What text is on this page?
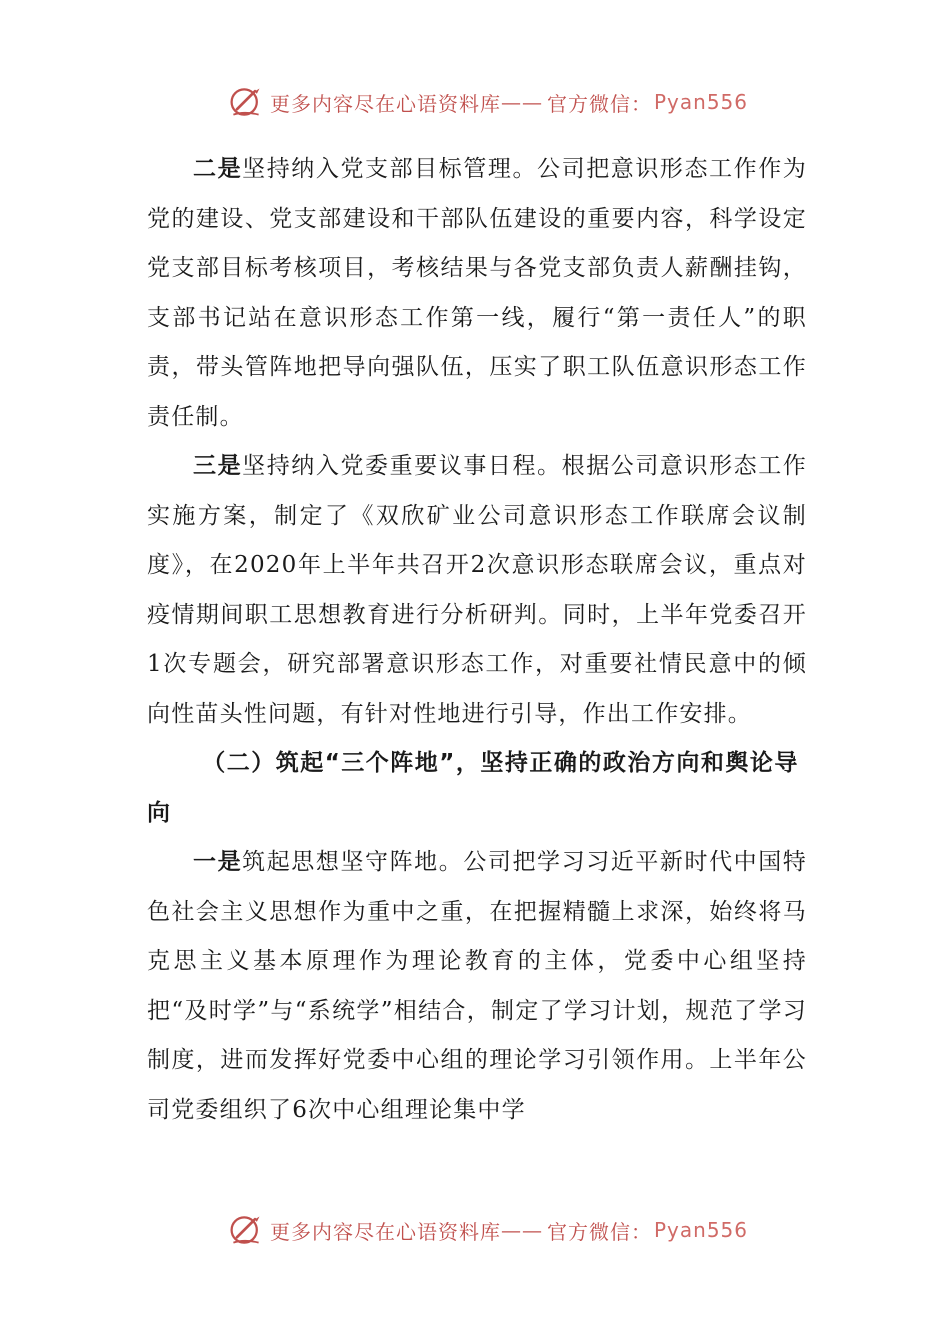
更多内容尽在心语资料库 —— 官方微信： Pyan556

二是坚持纳入党支部目标管理。公司把意识形态工作作为党的建设、党支部建设和干部队伍建设的重要内容，科学设定党支部目标考核项目，考核结果与各党支部负责人薪酬挂钩，支部书记站在意识形态工作第一线，履行“第一责任人”的职责，带头管阵地把导向强队伍，压实了职工队伍意识形态工作责任制。

三是坚持纳入党委重要议事日程。根据公司意识形态工作实施方案，制定了《双欣矿业公司意识形态工作联席会议制度》，在2020年上半年共召开2次意识形态联席会议，重点对疫情期间职工思想教育进行分析研判。同时，上半年党委召开1次专题会，研究部署意识形态工作，对重要社情民意中的倾向性苗头性问题，有针对性地进行引导，作出工作安排。

（二）筑起“三个阵地”，坚持正确的政治方向和舆论导向

一是筑起思想坚守阵地。公司把学习习近平新时代中国特色社会主义思想作为重中之重，在把握精髓上求深，始终将马克思主义基本原理作为理论教育的主体，党委中心组坚持把“及时学”与“系统学”相结合，制定了学习计划，规范了学习制度，进而发挥好党委中心组的理论学习引领作用。上半年公司党委组织了6次中心组理论集中学

更多内容尽在心语资料库 —— 官方微信： Pyan556
